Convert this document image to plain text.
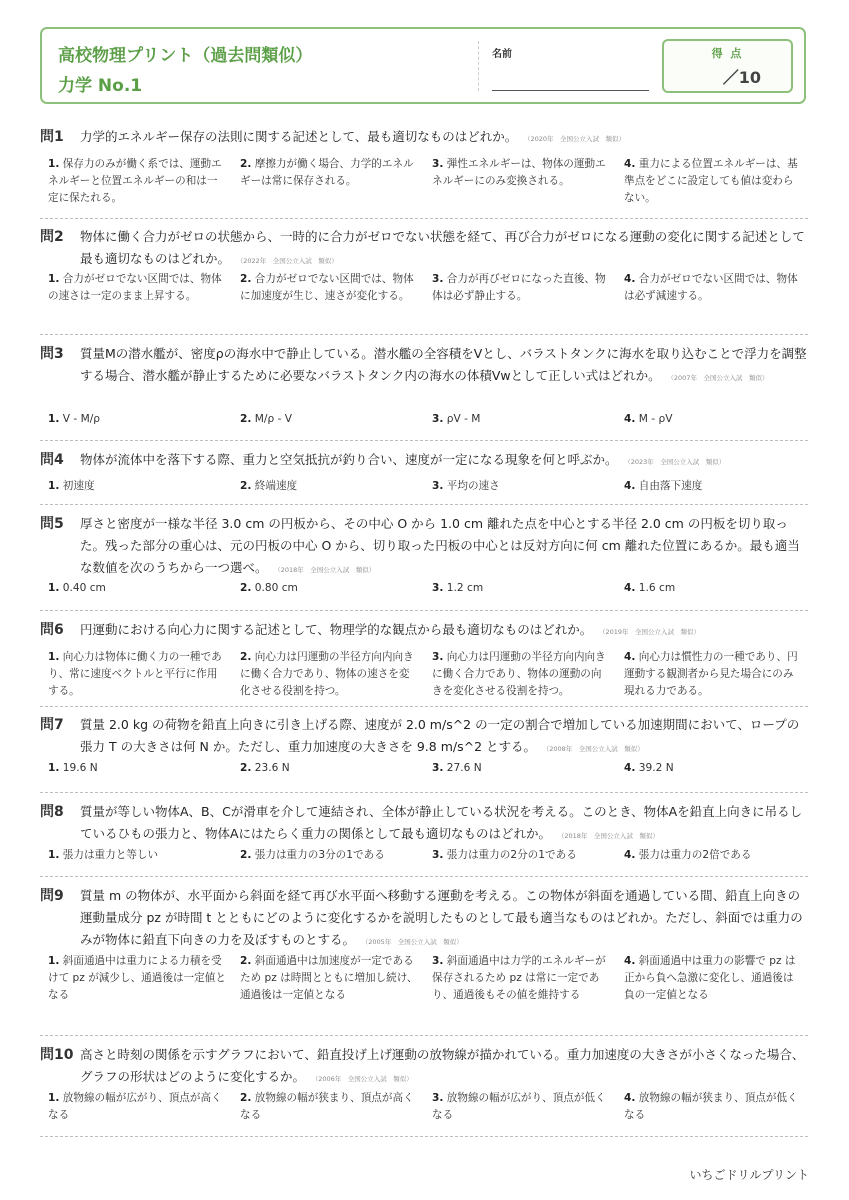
高校物理プリント（過去問類似）
力学 No.1
名前	得 点
／10
問1 力学的エネルギー保存の法則に関する記述として、最も適切なものはどれか。 （2020年　全国公立入試　類似）
1. 保存力のみが働く系では、運動エネルギーと位置エネルギーの和は一定に保たれる。
2. 摩擦力が働く場合、力学的エネルギーは常に保存される。
3. 弾性エネルギーは、物体の運動エネルギーにのみ変換される。
4. 重力による位置エネルギーは、基準点をどこに設定しても値は変わらない。
問2 物体に働く合力がゼロの状態から、一時的に合力がゼロでない状態を経て、再び合力がゼロになる運動の変化に関する記述として最も適切なものはどれか。 （2022年　全国公立入試　類似）
1. 合力がゼロでない区間では、物体の速さは一定のまま上昇する。
2. 合力がゼロでない区間では、物体に加速度が生じ、速さが変化する。
3. 合力が再びゼロになった直後、物体は必ず静止する。
4. 合力がゼロでない区間では、物体は必ず減速する。
問3 質量Mの潜水艦が、密度ρの海水中で静止している。潜水艦の全容積をVとし、バラストタンクに海水を取り込むことで浮力を調整する場合、潜水艦が静止するために必要なバラストタンク内の海水の体積Vwとして正しい式はどれか。 （2007年　全国公立入試　類似）
1. V - M/ρ	2. M/ρ - V	3. ρV - M	4. M - ρV
問4 物体が流体中を落下する際、重力と空気抵抗が釣り合い、速度が一定になる現象を何と呼ぶか。 （2023年　全国公立入試　類似）
1. 初速度	2. 終端速度	3. 平均の速さ	4. 自由落下速度
問5 厚さと密度が一様な半径 3.0 cm の円板から、その中心 O から 1.0 cm 離れた点を中心とする半径 2.0 cm の円板を切り取った。残った部分の重心は、元の円板の中心 O から、切り取った円板の中心とは反対方向に何 cm 離れた位置にあるか。最も適当な数値を次のうちから一つ選べ。 （2018年　全国公立入試　類似）
1. 0.40 cm	2. 0.80 cm	3. 1.2 cm	4. 1.6 cm
問6 円運動における向心力に関する記述として、物理学的な観点から最も適切なものはどれか。 （2019年　全国公立入試　類似）
1. 向心力は物体に働く力の一種であり、常に速度ベクトルと平行に作用する。
2. 向心力は円運動の半径方向内向きに働く合力であり、物体の速さを変化させる役割を持つ。
3. 向心力は円運動の半径方向内向きに働く合力であり、物体の運動の向きを変化させる役割を持つ。
4. 向心力は慣性力の一種であり、円運動する観測者から見た場合にのみ現れる力である。
問7 質量 2.0 kg の荷物を鉛直上向きに引き上げる際、速度が 2.0 m/s^2 の一定の割合で増加している加速期間において、ロープの張力 T の大きさは何 N か。ただし、重力加速度の大きさを 9.8 m/s^2 とする。 （2008年　全国公立入試　類似）
1. 19.6 N	2. 23.6 N	3. 27.6 N	4. 39.2 N
問8 質量が等しい物体A、B、Cが滑車を介して連結され、全体が静止している状況を考える。このとき、物体Aを鉛直上向きに吊るしているひもの張力と、物体Aにはたらく重力の関係として最も適切なものはどれか。 （2018年　全国公立入試　類似）
1. 張力は重力と等しい	2. 張力は重力の3分の1である	3. 張力は重力の2分の1である	4. 張力は重力の2倍である
問9 質量 m の物体が、水平面から斜面を経て再び水平面へ移動する運動を考える。この物体が斜面を通過している間、鉛直上向きの運動量成分 pz が時間 t とともにどのように変化するかを説明したものとして最も適当なものはどれか。ただし、斜面では重力のみが物体に鉛直下向きの力を及ぼすものとする。 （2005年　全国公立入試　類似）
1. 斜面通過中は重力による力積を受けて pz が減少し、通過後は一定値となる
2. 斜面通過中は加速度が一定であるため pz は時間とともに増加し続け、通過後は一定値となる
3. 斜面通過中は力学的エネルギーが保存されるため pz は常に一定であり、通過後もその値を維持する
4. 斜面通過中は重力の影響で pz は正から負へ急激に変化し、通過後は負の一定値となる
問10 高さと時刻の関係を示すグラフにおいて、鉛直投げ上げ運動の放物線が描かれている。重力加速度の大きさが小さくなった場合、グラフの形状はどのように変化するか。 （2006年　全国公立入試　類似）
1. 放物線の幅が広がり、頂点が高くなる
2. 放物線の幅が狭まり、頂点が高くなる
3. 放物線の幅が広がり、頂点が低くなる
4. 放物線の幅が狭まり、頂点が低くなる
いちごドリルプリント
